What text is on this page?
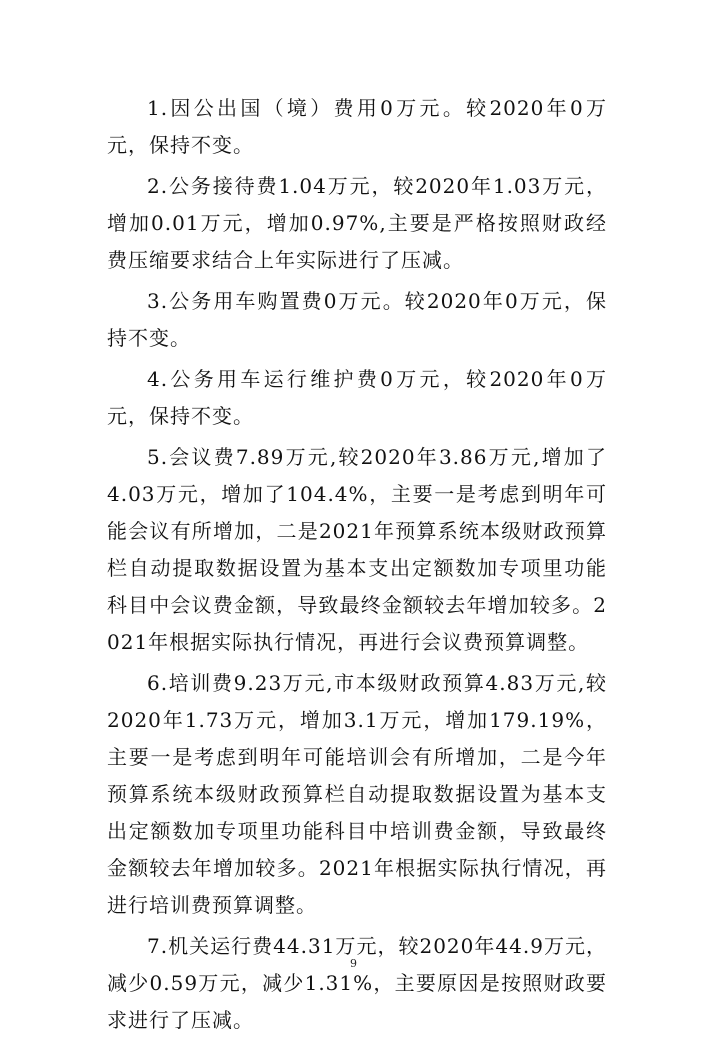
1.因公出国（境）费用0万元。较2020年0万元，保持不变。

2.公务接待费1.04万元，较2020年1.03万元，增加0.01万元，增加0.97%,主要是严格按照财政经费压缩要求结合上年实际进行了压减。

3.公务用车购置费0万元。较2020年0万元，保持不变。

4.公务用车运行维护费0万元，较2020年0万元，保持不变。

5.会议费7.89万元,较2020年3.86万元,增加了4.03万元，增加了104.4%，主要一是考虑到明年可能会议有所增加，二是2021年预算系统本级财政预算栏自动提取数据设置为基本支出定额数加专项里功能科目中会议费金额，导致最终金额较去年增加较多。2021年根据实际执行情况，再进行会议费预算调整。

6.培训费9.23万元,市本级财政预算4.83万元,较2020年1.73万元，增加3.1万元，增加179.19%，主要一是考虑到明年可能培训会有所增加，二是今年预算系统本级财政预算栏自动提取数据设置为基本支出定额数加专项里功能科目中培训费金额，导致最终金额较去年增加较多。2021年根据实际执行情况，再进行培训费预算调整。

7.机关运行费44.31万元，较2020年44.9万元，减少0.59万元，减少1.31%，主要原因是按照财政要求进行了压减。

9
